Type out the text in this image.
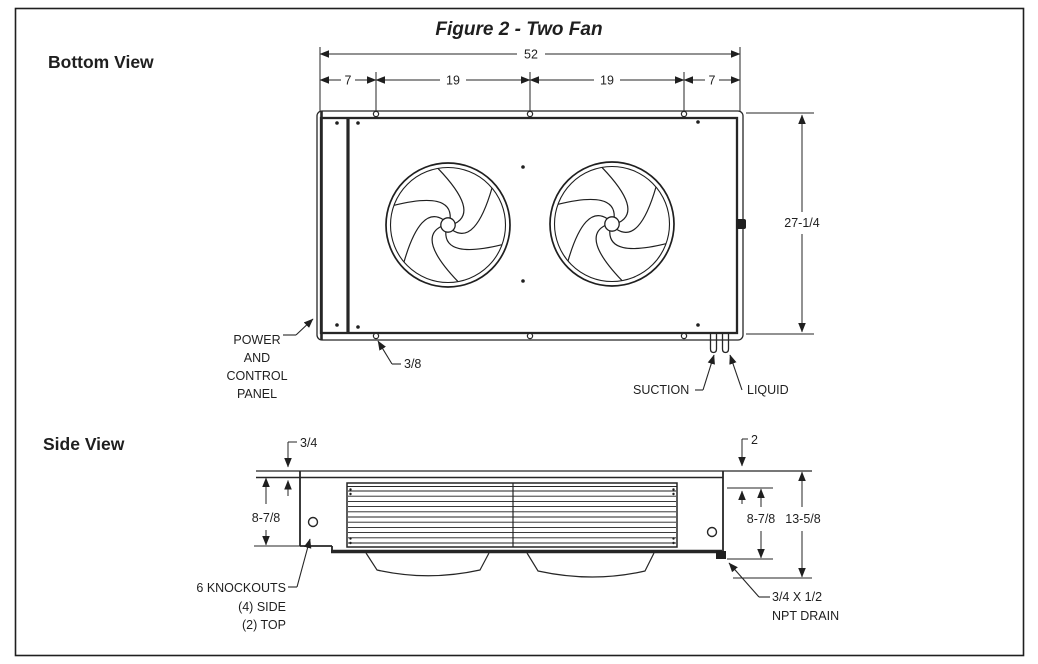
Figure 2 - Two Fan
Bottom View
Side View
52
7	19	19	7
27-1/4
POWER
AND
CONTROL
PANEL
3/8
SUCTION	LIQUID
3/4
8-7/8
2
8-7/8 13-5/8
6 KNOCKOUTS
(4) SIDE
(2) TOP
3/4 X 1/2
NPT DRAIN
